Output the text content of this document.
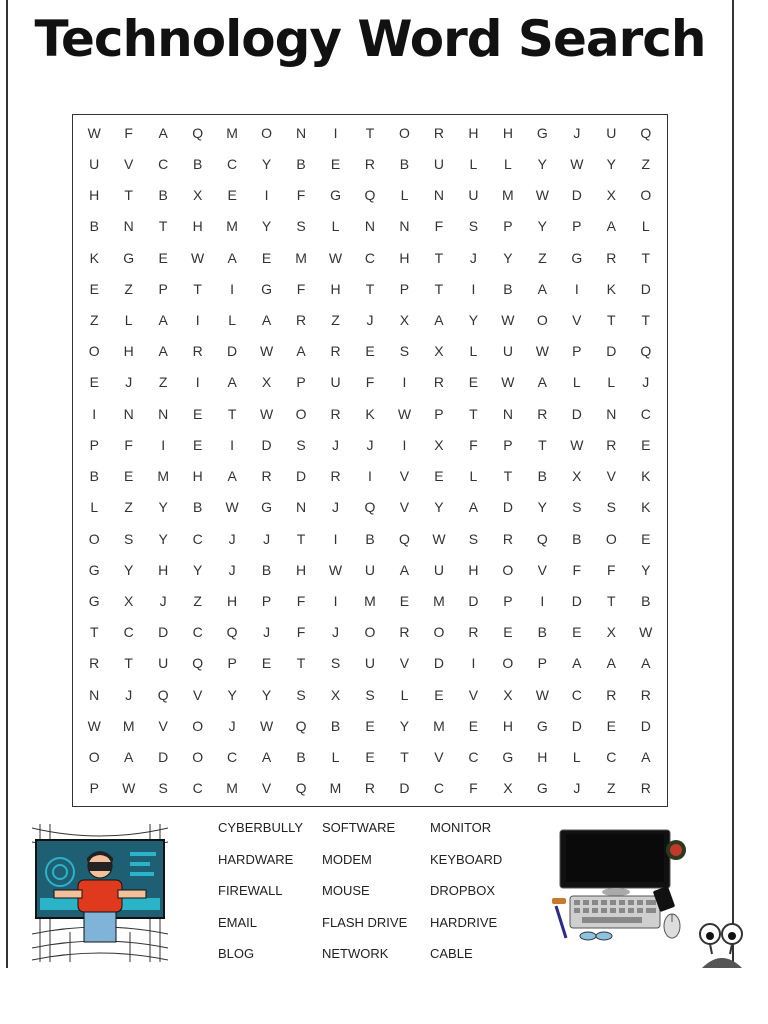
Technology Word Search
W	F	A	Q	M	O	N	I	T	O	R	H	H	G	J	U	Q
U	V	C	B	C	Y	B	E	R	B	U	L	L	Y	W	Y	Z
H	T	B	X	E	I	F	G	Q	L	N	U	M	W	D	X	O
B	N	T	H	M	Y	S	L	N	N	F	S	P	Y	P	A	L
K	G	E	W	A	E	M	W	C	H	T	J	Y	Z	G	R	T
E	Z	P	T	I	G	F	H	T	P	T	I	B	A	I	K	D
Z	L	A	I	L	A	R	Z	J	X	A	Y	W	O	V	T	T
O	H	A	R	D	W	A	R	E	S	X	L	U	W	P	D	Q
E	J	Z	I	A	X	P	U	F	I	R	E	W	A	L	L	J
I	N	N	E	T	W	O	R	K	W	P	T	N	R	D	N	C
P	F	I	E	I	D	S	J	J	I	X	F	P	T	W	R	E
B	E	M	H	A	R	D	R	I	V	E	L	T	B	X	V	K
L	Z	Y	B	W	G	N	J	Q	V	Y	A	D	Y	S	S	K
O	S	Y	C	J	J	T	I	B	Q	W	S	R	Q	B	O	E
G	Y	H	Y	J	B	H	W	U	A	U	H	O	V	F	F	Y
G	X	J	Z	H	P	F	I	M	E	M	D	P	I	D	T	B
T	C	D	C	Q	J	F	J	O	R	O	R	E	B	E	X	W
R	T	U	Q	P	E	T	S	U	V	D	I	O	P	A	A	A
N	J	Q	V	Y	Y	S	X	S	L	E	V	X	W	C	R	R
W	M	V	O	J	W	Q	B	E	Y	M	E	H	G	D	E	D
O	A	D	O	C	A	B	L	E	T	V	C	G	H	L	C	A
P	W	S	C	M	V	Q	M	R	D	C	F	X	G	J	Z	R
CYBERBULLY
HARDWARE
FIREWALL
EMAIL
BLOG
SOFTWARE
MODEM
MOUSE
FLASH DRIVE
NETWORK
MONITOR
KEYBOARD
DROPBOX
HARDRIVE
CABLE
